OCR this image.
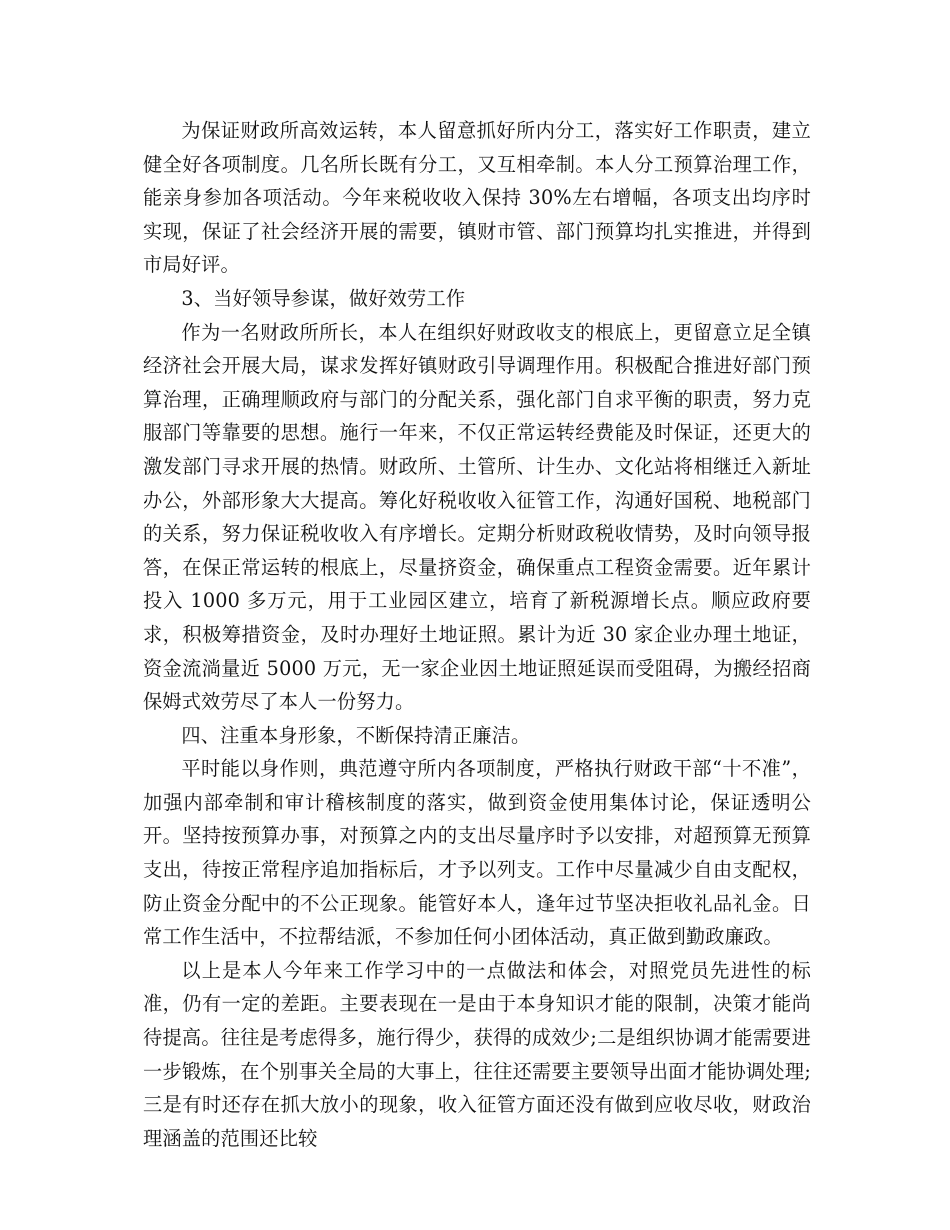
为保证财政所高效运转，本人留意抓好所内分工，落实好工作职责，建立健全好各项制度。几名所长既有分工，又互相牵制。本人分工预算治理工作，能亲身参加各项活动。今年来税收收入保持 30%左右增幅，各项支出均序时实现，保证了社会经济开展的需要，镇财市管、部门预算均扎实推进，并得到市局好评。

3、当好领导参谋，做好效劳工作

作为一名财政所所长，本人在组织好财政收支的根底上，更留意立足全镇经济社会开展大局，谋求发挥好镇财政引导调理作用。积极配合推进好部门预算治理，正确理顺政府与部门的分配关系，强化部门自求平衡的职责，努力克服部门等靠要的思想。施行一年来，不仅正常运转经费能及时保证，还更大的激发部门寻求开展的热情。财政所、土管所、计生办、文化站将相继迁入新址办公，外部形象大大提高。筹化好税收收入征管工作，沟通好国税、地税部门的关系，努力保证税收收入有序增长。定期分析财政税收情势，及时向领导报答，在保正常运转的根底上，尽量挤资金，确保重点工程资金需要。近年累计投入 1000 多万元，用于工业园区建立，培育了新税源增长点。顺应政府要求，积极筹措资金，及时办理好土地证照。累计为近 30 家企业办理土地证，资金流淌量近 5000 万元，无一家企业因土地证照延误而受阻碍，为搬经招商保姆式效劳尽了本人一份努力。

四、注重本身形象，不断保持清正廉洁。

平时能以身作则，典范遵守所内各项制度，严格执行财政干部“十不准”，加强内部牵制和审计稽核制度的落实，做到资金使用集体讨论，保证透明公开。坚持按预算办事，对预算之内的支出尽量序时予以安排，对超预算无预算支出，待按正常程序追加指标后，才予以列支。工作中尽量减少自由支配权，防止资金分配中的不公正现象。能管好本人，逢年过节坚决拒收礼品礼金。日常工作生活中，不拉帮结派，不参加任何小团体活动，真正做到勤政廉政。

以上是本人今年来工作学习中的一点做法和体会，对照党员先进性的标准，仍有一定的差距。主要表现在一是由于本身知识才能的限制，决策才能尚待提高。往往是考虑得多，施行得少，获得的成效少;二是组织协调才能需要进一步锻炼，在个别事关全局的大事上，往往还需要主要领导出面才能协调处理;三是有时还存在抓大放小的现象，收入征管方面还没有做到应收尽收，财政治理涵盖的范围还比较
